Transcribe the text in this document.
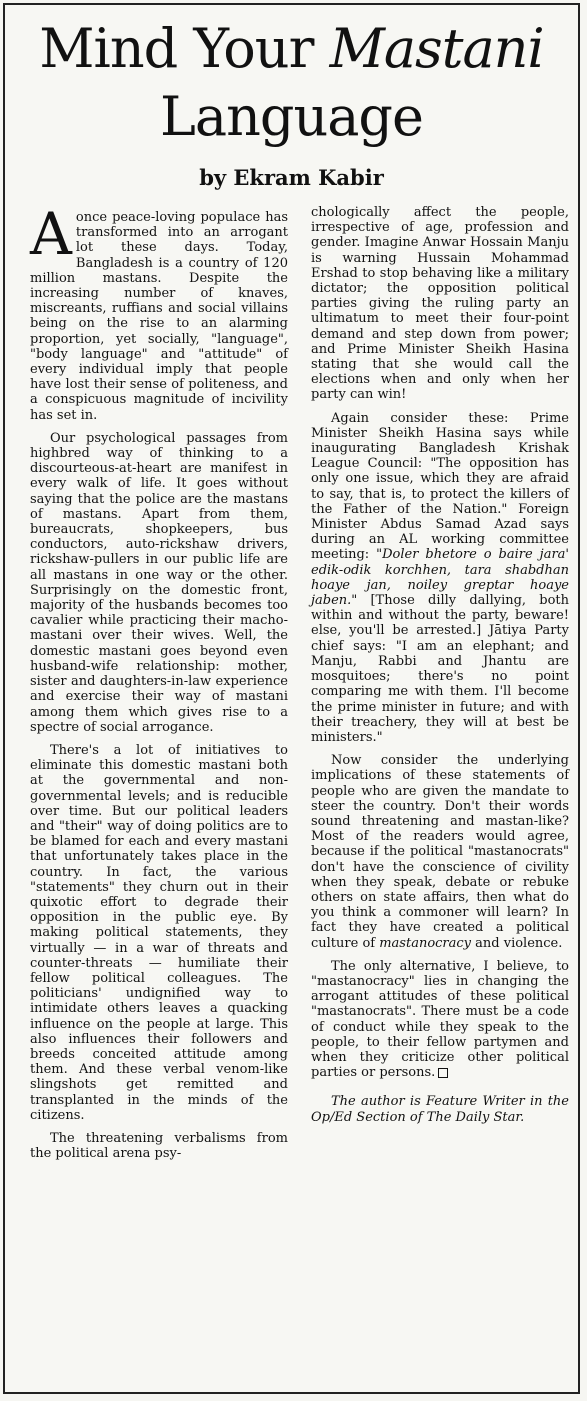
Mind Your Mastani
Language

by Ekram Kabir

Aonce peace-loving populace has transformed into an arrogant lot these days. Today, Bangladesh is a country of 120 million mastans. Despite the increasing number of knaves, miscreants, ruffians and social villains being on the rise to an alarming proportion, yet socially, "language", "body language" and "attitude" of every individual imply that people have lost their sense of politeness, and a conspicuous magnitude of incivility has set in.

Our psychological passages from highbred way of thinking to a discourteous-at-heart are manifest in every walk of life. It goes without saying that the police are the mastans of mastans. Apart from them, bureaucrats, shopkeepers, bus conductors, auto-rickshaw drivers, rickshaw-pullers in our public life are all mastans in one way or the other. Surprisingly on the domestic front, majority of the husbands becomes too cavalier while practicing their macho-mastani over their wives. Well, the domestic mastani goes beyond even husband-wife relationship: mother, sister and daughters-in-law experience and exercise their way of mastani among them which gives rise to a spectre of social arrogance.

There's a lot of initiatives to eliminate this domestic mastani both at the governmental and non-governmental levels; and is reducible over time. But our political leaders and "their" way of doing politics are to be blamed for each and every mastani that unfortunately takes place in the country. In fact, the various "statements" they churn out in their quixotic effort to degrade their opposition in the public eye. By making political statements, they virtually — in a war of threats and counter-threats — humiliate their fellow political colleagues. The politicians' undignified way to intimidate others leaves a quacking influence on the people at large. This also influences their followers and breeds conceited attitude among them. And these verbal venom-like slingshots get remitted and transplanted in the minds of the citizens.

The threatening verbalisms from the political arena psy-

chologically affect the people, irrespective of age, profession and gender. Imagine Anwar Hossain Manju is warning Hussain Mohammad Ershad to stop behaving like a military dictator; the opposition political parties giving the ruling party an ultimatum to meet their four-point demand and step down from power; and Prime Minister Sheikh Hasina stating that she would call the elections when and only when her party can win!

Again consider these: Prime Minister Sheikh Hasina says while inaugurating Bangladesh Krishak League Council: "The opposition has only one issue, which they are afraid to say, that is, to protect the killers of the Father of the Nation." Foreign Minister Abdus Samad Azad says during an AL working committee meeting: "Doler bhetore o baire jara' edik-odik korchhen, tara shabdhan hoaye jan, noiley greptar hoaye jaben." [Those dilly dallying, both within and without the party, beware! else, you'll be arrested.] Jātiya Party chief says: "I am an elephant; and Manju, Rabbi and Jhantu are mosquitoes; there's no point comparing me with them. I'll become the prime minister in future; and with their treachery, they will at best be ministers."

Now consider the underlying implications of these statements of people who are given the mandate to steer the country. Don't their words sound threatening and mastan-like? Most of the readers would agree, because if the political "mastanocrats" don't have the conscience of civility when they speak, debate or rebuke others on state affairs, then what do you think a commoner will learn? In fact they have created a political culture of mastanocracy and violence.

The only alternative, I believe, to "mastanocracy" lies in changing the arrogant attitudes of these political "mastanocrats". There must be a code of conduct while they speak to the people, to their fellow partymen and when they criticize other political parties or persons.

The author is Feature Writer in the Op/Ed Section of The Daily Star.
